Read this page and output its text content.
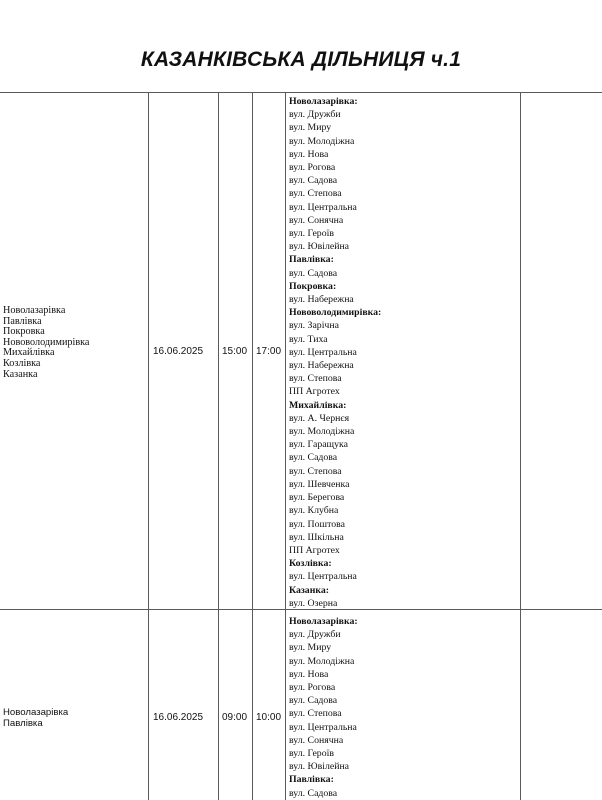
КАЗАНКІВСЬКА ДІЛЬНИЦЯ ч.1
Новолазарівка
Павлівка
Покровка
Нововолодимирівка
Михайлівка
Козлівка
Казанка
16.06.2025 15:00 17:00
Новолазарівка:
вул. Дружби
вул. Миру
вул. Молодіжна
вул. Нова
вул. Рогова
вул. Садова
вул. Степова
вул. Центральна
вул. Сонячна
вул. Героїв
вул. Ювілейна
Павлівка:
вул. Садова
Покровка:
вул. Набережна
Нововолодимирівка:
вул. Зарічна
вул. Тиха
вул. Центральна
вул. Набережна
вул. Степова
ПП Агротех
Михайлівка:
вул. А. Чернєя
вул. Молодіжна
вул. Гаращука
вул. Садова
вул. Степова
вул. Шевченка
вул. Берегова
вул. Клубна
вул. Поштова
вул. Шкільна
ПП Агротех
Козлівка:
вул. Центральна
Казанка:
вул. Озерна
Новолазарівка
Павлівка
16.06.2025 09:00 10:00
Новолазарівка:
вул. Дружби
вул. Миру
вул. Молодіжна
вул. Нова
вул. Рогова
вул. Садова
вул. Степова
вул. Центральна
вул. Сонячна
вул. Героїв
вул. Ювілейна
Павлівка:
вул. Садова
